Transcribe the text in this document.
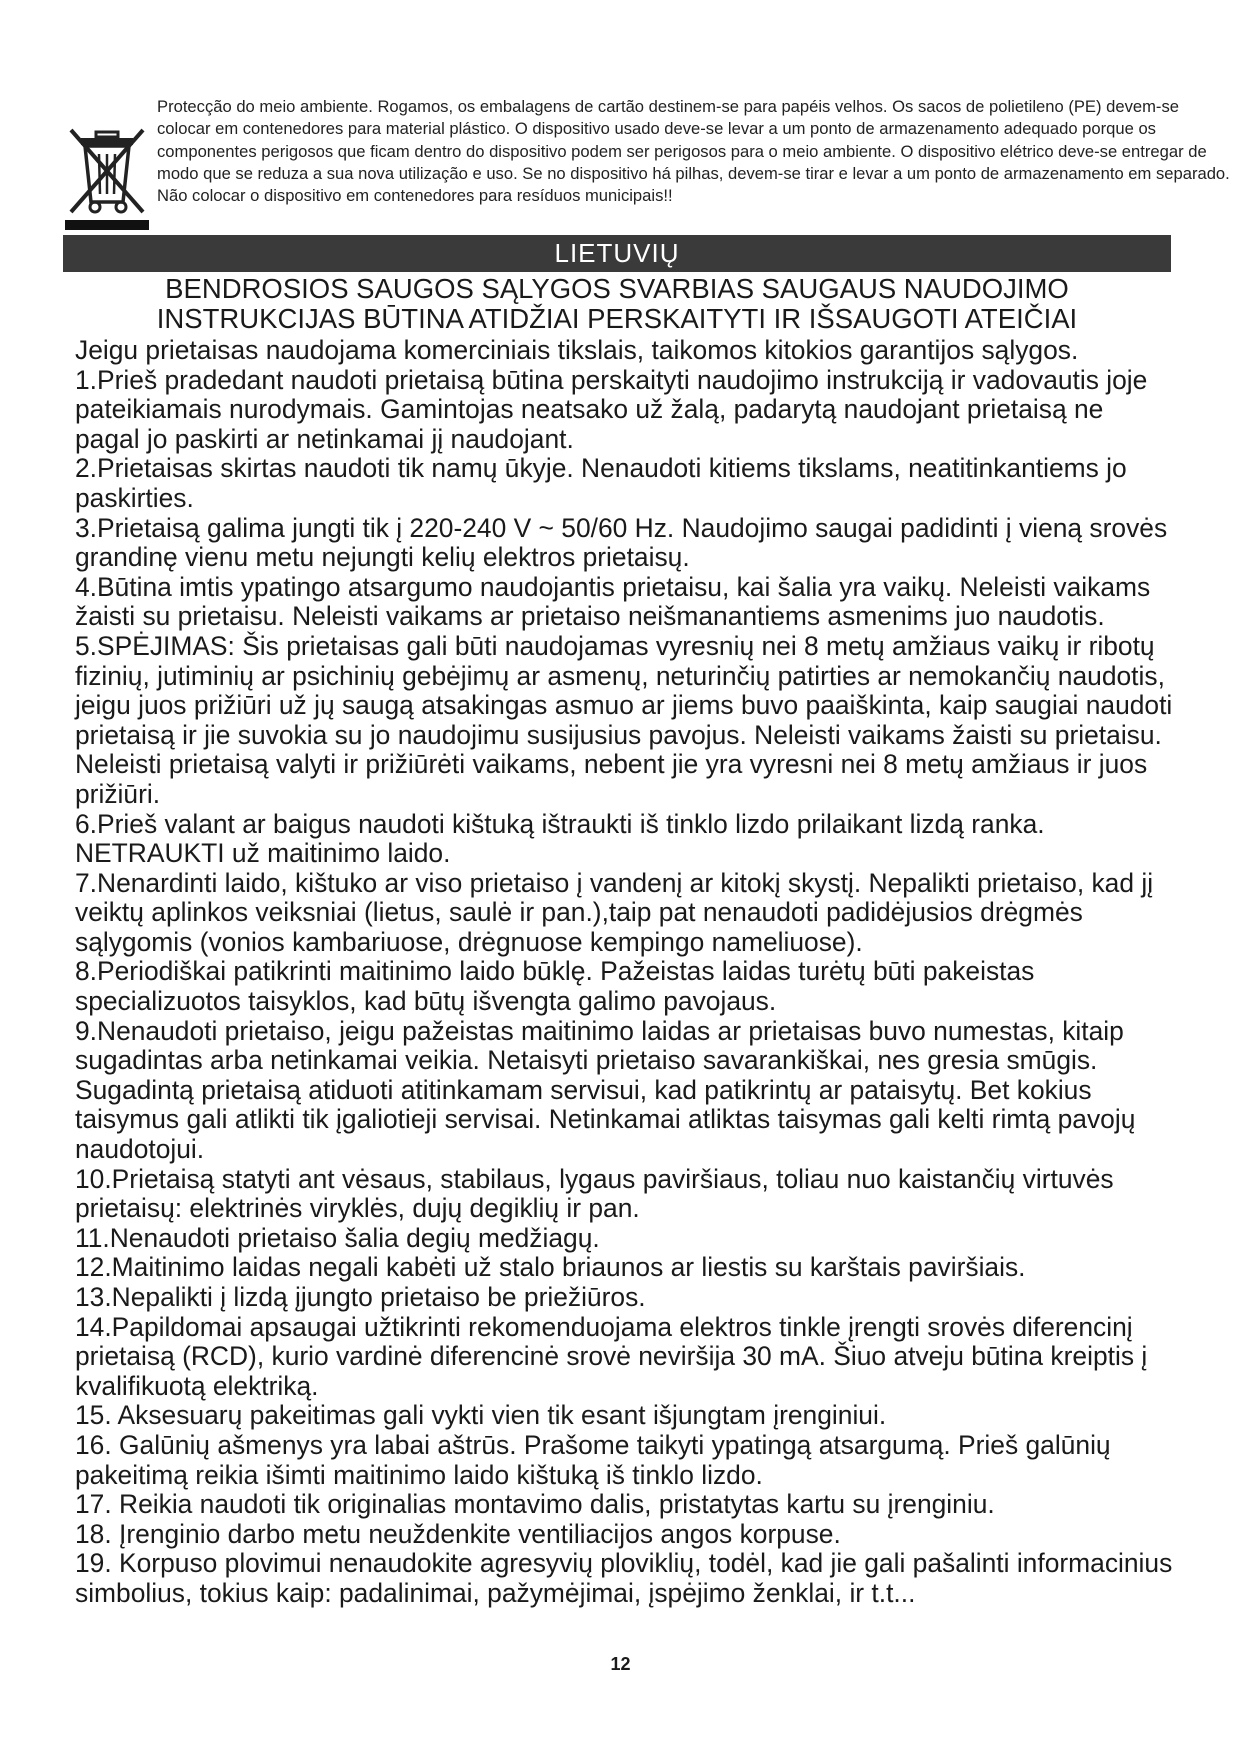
Protecção do meio ambiente. Rogamos, os embalagens de cartão destinem-se para papéis velhos. Os sacos de polietileno (PE) devem-se colocar em contenedores para material plástico. O dispositivo usado deve-se levar a um ponto de armazenamento adequado porque os componentes perigosos que ficam dentro do dispositivo podem ser perigosos para o meio ambiente. O dispositivo elétrico deve-se entregar de modo que se reduza a sua nova utilização e uso. Se no dispositivo há pilhas, devem-se tirar e levar a um ponto de armazenamento em separado. Não colocar o dispositivo em contenedores para resíduos municipais!!

LIETUVIŲ
BENDROSIOS SAUGOS SĄLYGOS SVARBIAS SAUGAUS NAUDOJIMO
INSTRUKCIJAS BŪTINA ATIDŽIAI PERSKAITYTI IR IŠSAUGOTI ATEIČIAI

Jeigu prietaisas naudojama komerciniais tikslais, taikomos kitokios garantijos sąlygos.

1.Prieš pradedant naudoti prietaisą būtina perskaityti naudojimo instrukciją ir vadovautis joje pateikiamais nurodymais. Gamintojas neatsako už žalą, padarytą naudojant prietaisą ne pagal jo paskirti ar netinkamai jį naudojant.

2.Prietaisas skirtas naudoti tik namų ūkyje. Nenaudoti kitiems tikslams, neatitinkantiems jo paskirties.

3.Prietaisą galima jungti tik į 220-240 V ~ 50/60 Hz. Naudojimo saugai padidinti į vieną srovės grandinę vienu metu nejungti kelių elektros prietaisų.

4.Būtina imtis ypatingo atsargumo naudojantis prietaisu, kai šalia yra vaikų. Neleisti vaikams žaisti su prietaisu. Neleisti vaikams ar prietaiso neišmanantiems asmenims juo naudotis.

5.SPĖJIMAS: Šis prietaisas gali būti naudojamas vyresnių nei 8 metų amžiaus vaikų ir ribotų fizinių, jutiminių ar psichinių gebėjimų ar asmenų, neturinčių patirties ar nemokančių naudotis, jeigu juos prižiūri už jų saugą atsakingas asmuo ar jiems buvo paaiškinta, kaip saugiai naudoti prietaisą ir jie suvokia su jo naudojimu susijusius pavojus. Neleisti vaikams žaisti su prietaisu. Neleisti prietaisą valyti ir prižiūrėti vaikams, nebent jie yra vyresni nei 8 metų amžiaus ir juos prižiūri.

6.Prieš valant ar baigus naudoti kištuką ištraukti iš tinklo lizdo prilaikant lizdą ranka. NETRAUKTI už maitinimo laido.

7.Nenardinti laido, kištuko ar viso prietaiso į vandenį ar kitokį skystį. Nepalikti prietaiso, kad jį veiktų aplinkos veiksniai (lietus, saulė ir pan.),taip pat nenaudoti padidėjusios drėgmės sąlygomis (vonios kambariuose, drėgnuose kempingo nameliuose).

8.Periodiškai patikrinti maitinimo laido būklę. Pažeistas laidas turėtų būti pakeistas specializuotos taisyklos, kad būtų išvengta galimo pavojaus.

9.Nenaudoti prietaiso, jeigu pažeistas maitinimo laidas ar prietaisas buvo numestas, kitaip sugadintas arba netinkamai veikia. Netaisyti prietaiso savarankiškai, nes gresia smūgis. Sugadintą prietaisą atiduoti atitinkamam servisui, kad patikrintų ar pataisytų. Bet kokius taisymus gali atlikti tik įgaliotieji servisai. Netinkamai atliktas taisymas gali kelti rimtą pavojų naudotojui.

10.Prietaisą statyti ant vėsaus, stabilaus, lygaus paviršiaus, toliau nuo kaistančių virtuvės prietaisų: elektrinės viryklės, dujų degiklių ir pan.

11.Nenaudoti prietaiso šalia degių medžiagų.

12.Maitinimo laidas negali kabėti už stalo briaunos ar liestis su karštais paviršiais.

13.Nepalikti į lizdą įjungto prietaiso be priežiūros.

14.Papildomai apsaugai užtikrinti rekomenduojama elektros tinkle įrengti srovės diferencinį prietaisą (RCD), kurio vardinė diferencinė srovė neviršija 30 mA. Šiuo atveju būtina kreiptis į kvalifikuotą elektriką.

15. Aksesuarų pakeitimas gali vykti vien tik esant išjungtam įrenginiui.

16. Galūnių ašmenys yra labai aštrūs. Prašome taikyti ypatingą atsargumą. Prieš galūnių pakeitimą reikia išimti maitinimo laido kištuką iš tinklo lizdo.

17. Reikia naudoti tik originalias montavimo dalis, pristatytas kartu su įrenginiu.

18. Įrenginio darbo metu neuždenkite ventiliacijos angos korpuse.

19. Korpuso plovimui nenaudokite agresyvių ploviklių, todėl, kad jie gali pašalinti informacinius simbolius, tokius kaip: padalinimai, pažymėjimai, įspėjimo ženklai, ir t.t...

12
